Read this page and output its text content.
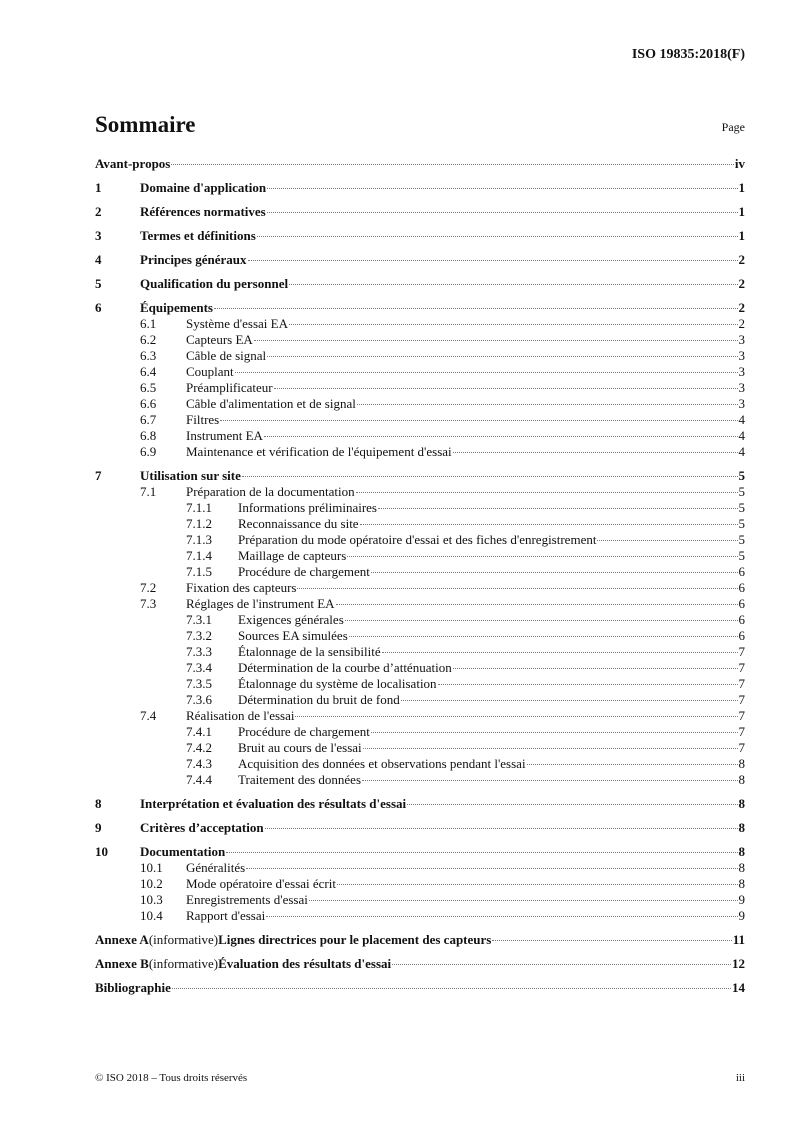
ISO 19835:2018(F)
Sommaire	Page
Avant-propos	iv
1	Domaine d'application	1
2	Références normatives	1
3	Termes et définitions	1
4	Principes généraux	2
5	Qualification du personnel	2
6	Équipements	2
6.1	Système d'essai EA	2
6.2	Capteurs EA	3
6.3	Câble de signal	3
6.4	Couplant	3
6.5	Préamplificateur	3
6.6	Câble d'alimentation et de signal	3
6.7	Filtres	4
6.8	Instrument EA	4
6.9	Maintenance et vérification de l'équipement d'essai	4
7	Utilisation sur site	5
7.1	Préparation de la documentation	5
7.1.1	Informations préliminaires	5
7.1.2	Reconnaissance du site	5
7.1.3	Préparation du mode opératoire d'essai et des fiches d'enregistrement	5
7.1.4	Maillage de capteurs	5
7.1.5	Procédure de chargement	6
7.2	Fixation des capteurs	6
7.3	Réglages de l'instrument EA	6
7.3.1	Exigences générales	6
7.3.2	Sources EA simulées	6
7.3.3	Étalonnage de la sensibilité	7
7.3.4	Détermination de la courbe d’atténuation	7
7.3.5	Étalonnage du système de localisation	7
7.3.6	Détermination du bruit de fond	7
7.4	Réalisation de l'essai	7
7.4.1	Procédure de chargement	7
7.4.2	Bruit au cours de l'essai	7
7.4.3	Acquisition des données et observations pendant l'essai	8
7.4.4	Traitement des données	8
8	Interprétation et évaluation des résultats d'essai	8
9	Critères d’acceptation	8
10	Documentation	8
10.1	Généralités	8
10.2	Mode opératoire d'essai écrit	8
10.3	Enregistrements d'essai	9
10.4	Rapport d'essai	9
Annexe A (informative) Lignes directrices pour le placement des capteurs	11
Annexe B (informative) Évaluation des résultats d'essai	12
Bibliographie	14
© ISO 2018 – Tous droits réservés	iii
